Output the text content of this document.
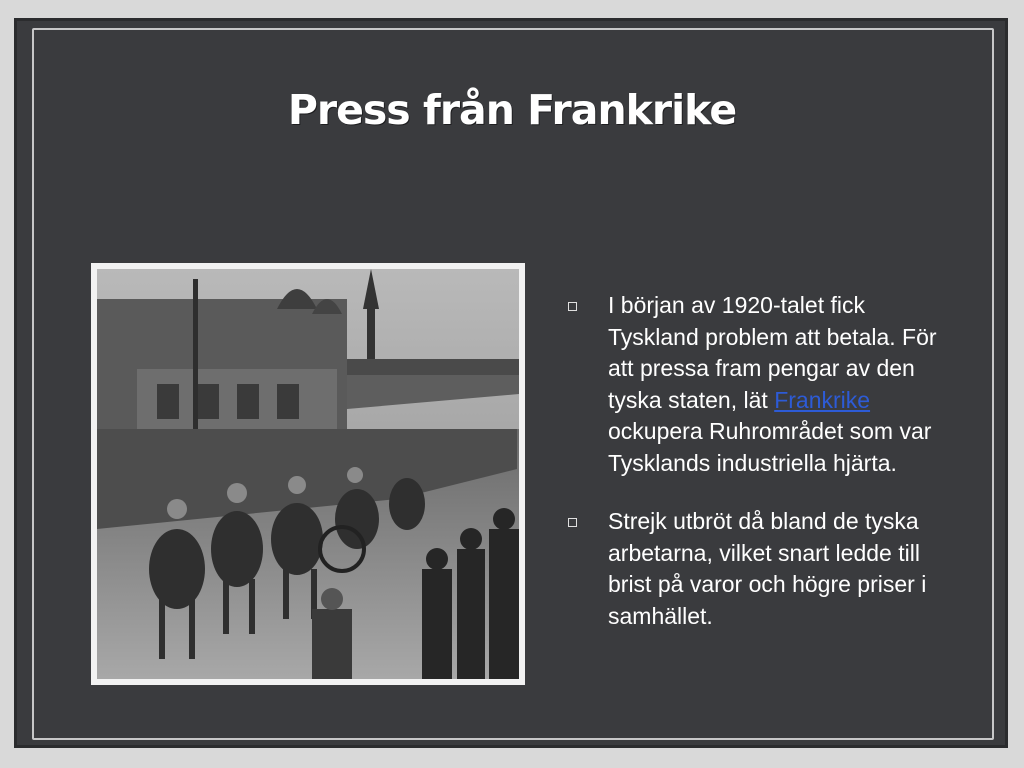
Press från Frankrike
I början av 1920-talet fick Tyskland problem att betala. För att pressa fram pengar av den tyska staten, lät Frankrike ockupera Ruhrområdet som var Tysklands industriella hjärta.
Strejk utbröt då bland de tyska arbetarna, vilket snart ledde till brist på varor och högre priser i samhället.
